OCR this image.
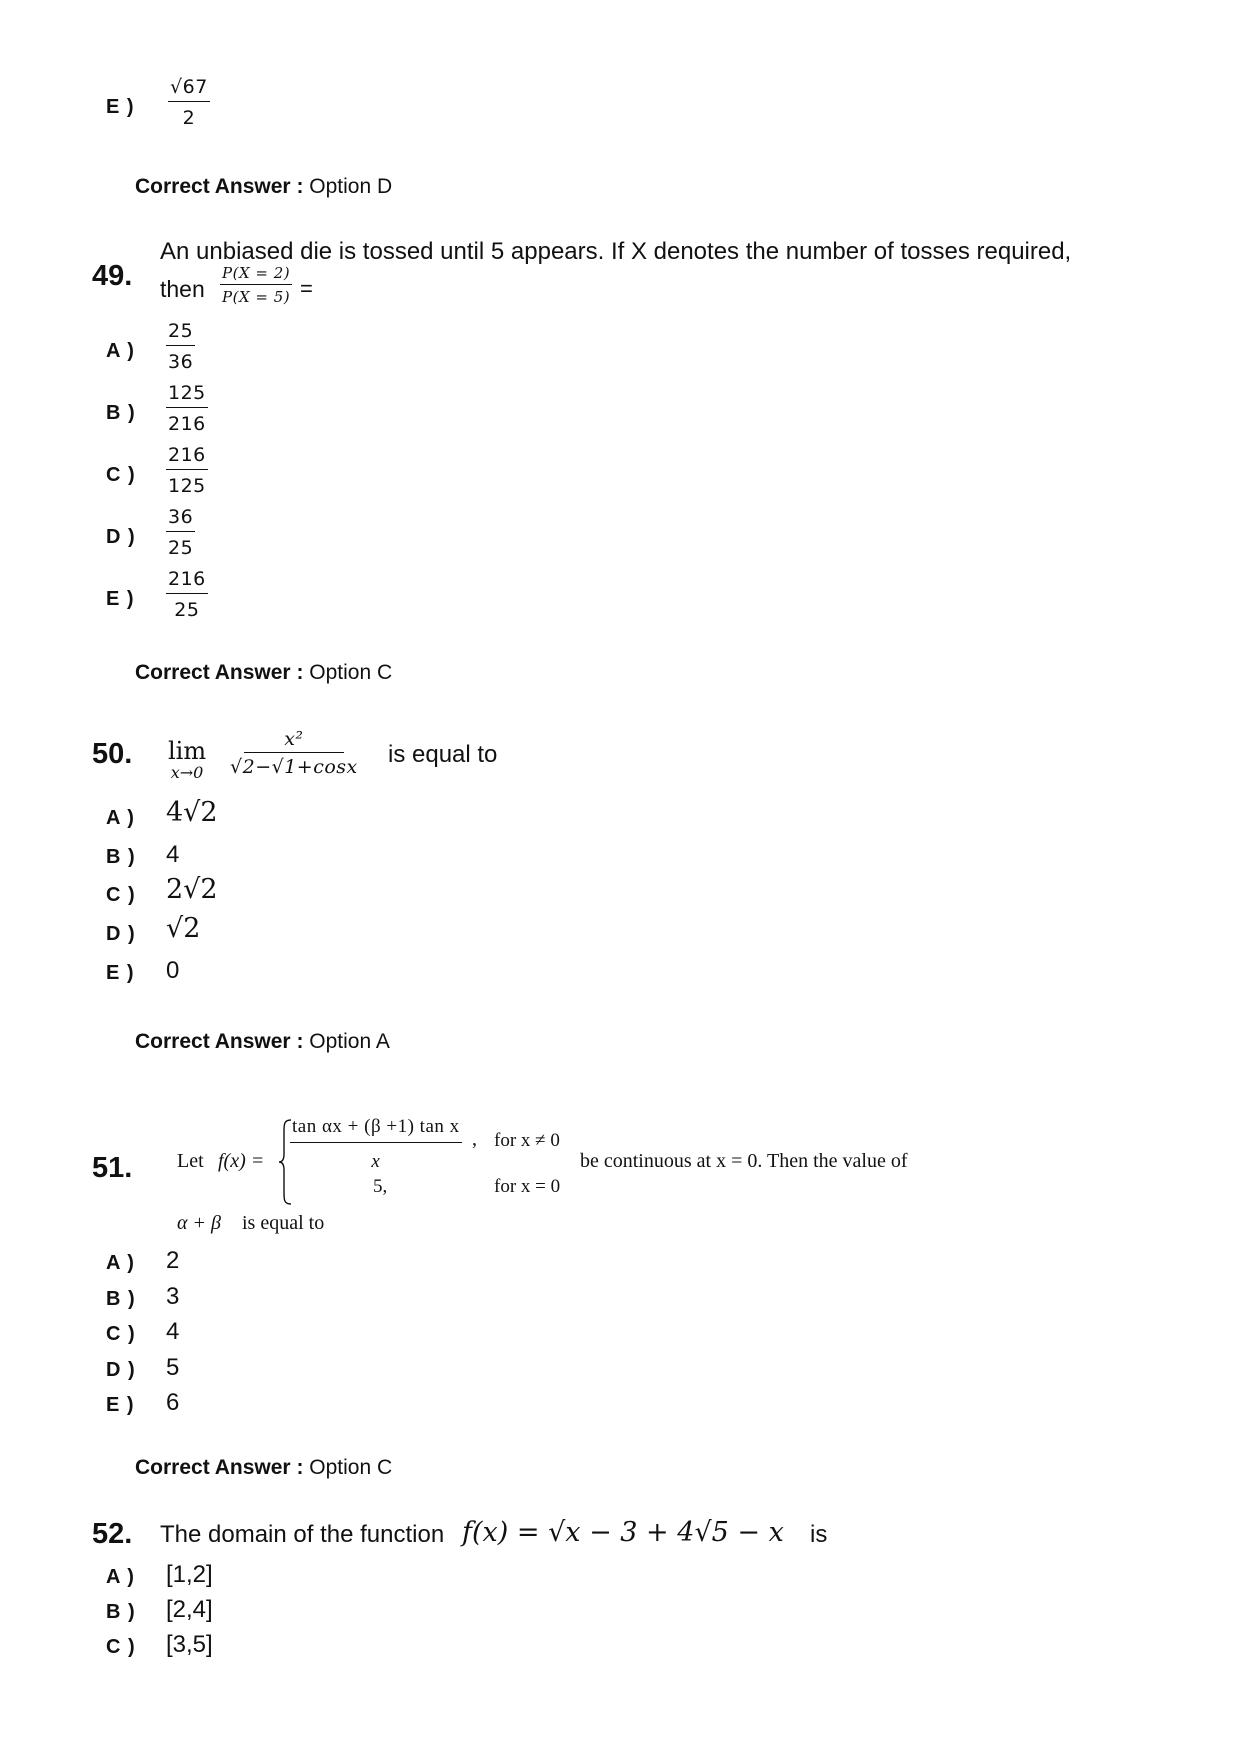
E ) $\frac{√67}{2}$
Correct Answer : Option D
49.
An unbiased die is tossed until 5 appears. If X denotes the number of tosses required,
then $\frac{P(X = 2)}{P(X = 5)}$ =
A ) $\frac{25}{36}$
B ) $\frac{125}{216}$
C ) $\frac{216}{125}$
D ) $\frac{36}{25}$
E ) $\frac{216}{25}$
Correct Answer : Option C
50. lim
$x\to 0 \frac{\text{x²}}{√2-√1+\cos x}$ is equal to
A ) 4√2
B ) 4
C ) 2√2
D ) √2
E ) 0
Correct Answer : Option A
51. Let $f(x) = \frac{\text{tan αx + (β +1) tan x}}{x}$ , for x ≠ 0
5,	for x = 0
be continuous at x = 0. Then the value of
α + β is equal to
A ) 2
B ) 3
C ) 4
D ) 5
E ) 6
Correct Answer : Option C
52. The domain of the function f(x) = √x − 3 + 4√5 − x is
A ) [1,2]
B ) [2,4]
C ) [3,5]
